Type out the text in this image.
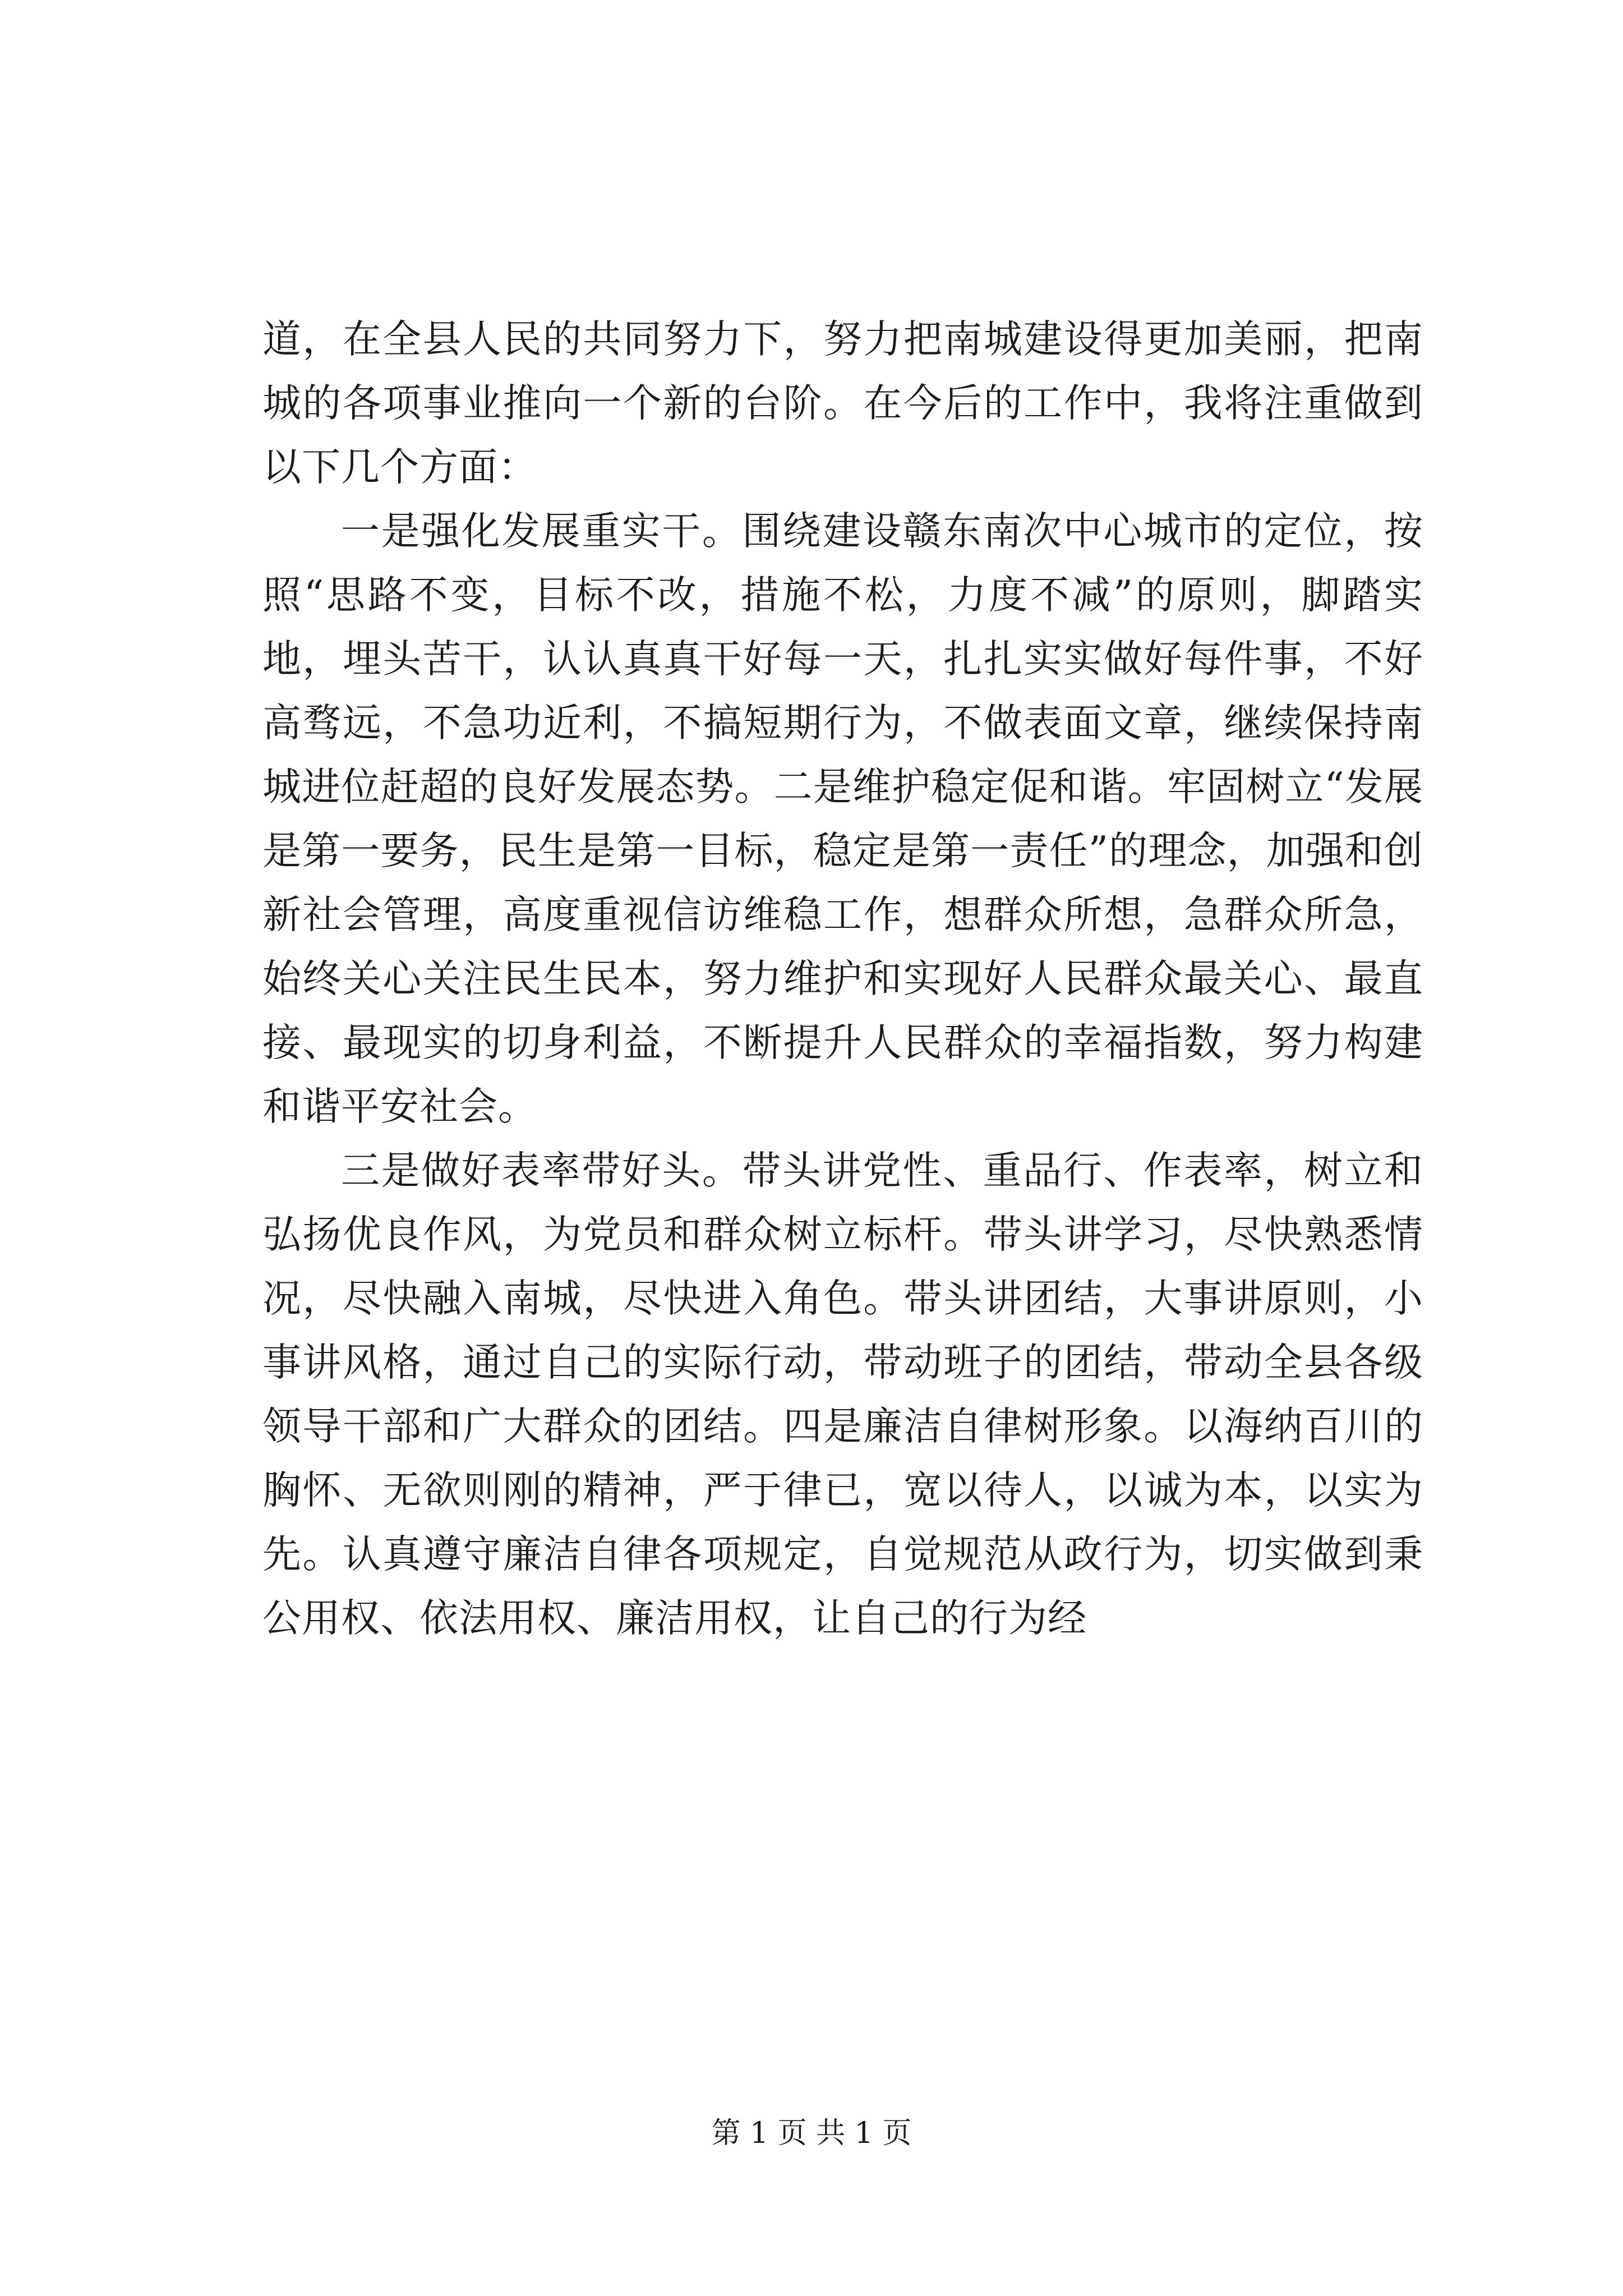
道，在全县人民的共同努力下，努力把南城建设得更加美丽，把南城的各项事业推向一个新的台阶。在今后的工作中，我将注重做到以下几个方面：

一是强化发展重实干。围绕建设赣东南次中心城市的定位，按照“思路不变，目标不改，措施不松，力度不减”的原则，脚踏实地，埋头苦干，认认真真干好每一天，扎扎实实做好每件事，不好高骛远，不急功近利，不搞短期行为，不做表面文章，继续保持南城进位赶超的良好发展态势。二是维护稳定促和谐。牢固树立“发展是第一要务，民生是第一目标，稳定是第一责任”的理念，加强和创新社会管理，高度重视信访维稳工作，想群众所想，急群众所急，始终关心关注民生民本，努力维护和实现好人民群众最关心、最直接、最现实的切身利益，不断提升人民群众的幸福指数，努力构建和谐平安社会。

三是做好表率带好头。带头讲党性、重品行、作表率，树立和弘扬优良作风，为党员和群众树立标杆。带头讲学习，尽快熟悉情况，尽快融入南城，尽快进入角色。带头讲团结，大事讲原则，小事讲风格，通过自己的实际行动，带动班子的团结，带动全县各级领导干部和广大群众的团结。四是廉洁自律树形象。以海纳百川的胸怀、无欲则刚的精神，严于律已，宽以待人，以诚为本，以实为先。认真遵守廉洁自律各项规定，自觉规范从政行为，切实做到秉公用权、依法用权、廉洁用权，让自己的行为经

第 1 页 共 1 页
